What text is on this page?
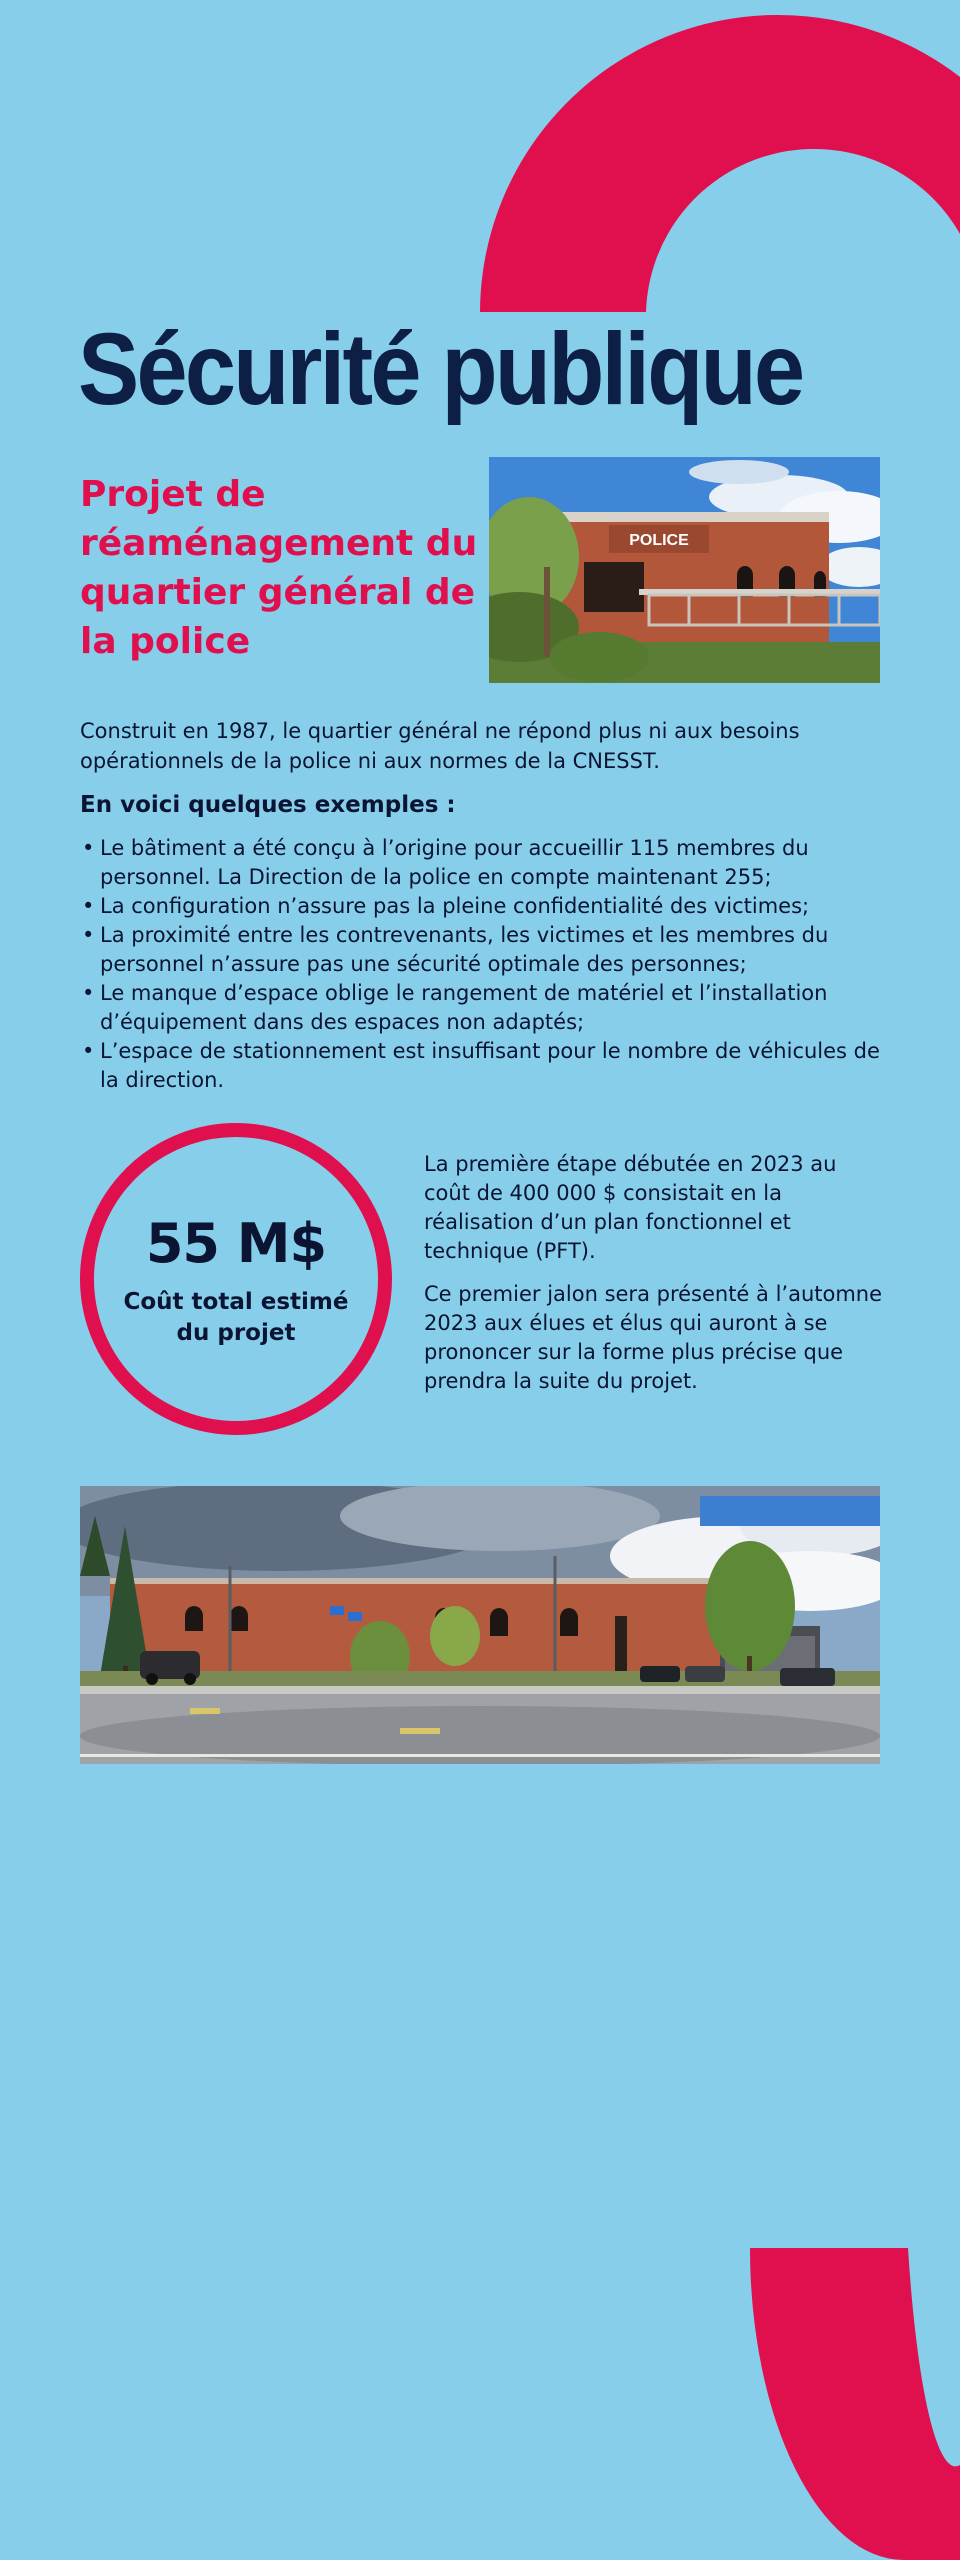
Sécurité publique
Projet de réaménagement du quartier général de la police
POLICE

Construit en 1987, le quartier général ne répond plus ni aux besoins opérationnels de la police ni aux normes de la CNESST.

En voici quelques exemples :
• Le bâtiment a été conçu à l’origine pour accueillir 115 membres du personnel. La Direction de la police en compte maintenant 255;
• La configuration n’assure pas la pleine confidentialité des victimes;
• La proximité entre les contrevenants, les victimes et les membres du personnel n’assure pas une sécurité optimale des personnes;
• Le manque d’espace oblige le rangement de matériel et l’installation d’équipement dans des espaces non adaptés;
• L’espace de stationnement est insuffisant pour le nombre de véhicules de la direction.
55 M$
Coût total estimé du projet

La première étape débutée en 2023 au coût de 400 000 $ consistait en la réalisation d’un plan fonctionnel et technique (PFT).

Ce premier jalon sera présenté à l’automne 2023 aux élues et élus qui auront à se prononcer sur la forme plus précise que prendra la suite du projet.
